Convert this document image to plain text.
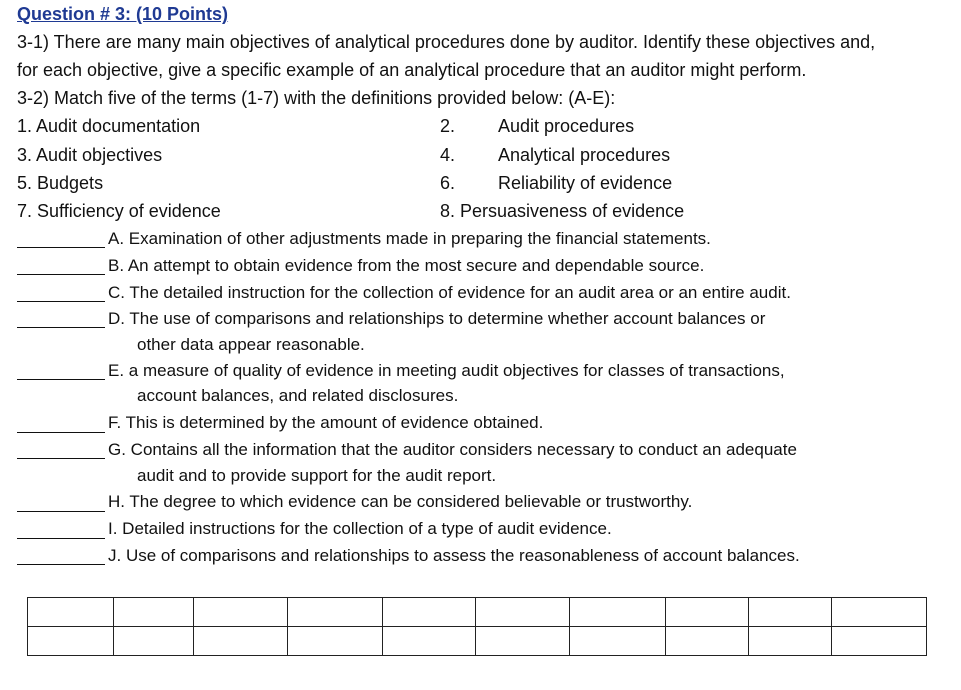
Question # 3: (10 Points)
3-1) There are many main objectives of analytical procedures done by auditor. Identify these objectives and,
for each objective, give a specific example of an analytical procedure that an auditor might perform.
3-2) Match five of the terms (1-7) with the definitions provided below: (A-E):
1. Audit documentation	2. Audit procedures
3. Audit objectives	4. Analytical procedures
5. Budgets	6. Reliability of evidence
7. Sufficiency of evidence	8. Persuasiveness of evidence
A. Examination of other adjustments made in preparing the financial statements.
B. An attempt to obtain evidence from the most secure and dependable source.
C. The detailed instruction for the collection of evidence for an audit area or an entire audit.
D. The use of comparisons and relationships to determine whether account balances or
other data appear reasonable.
E. a measure of quality of evidence in meeting audit objectives for classes of transactions,
account balances, and related disclosures.
F. This is determined by the amount of evidence obtained.
G. Contains all the information that the auditor considers necessary to conduct an adequate
audit and to provide support for the audit report.
H. The degree to which evidence can be considered believable or trustworthy.
I. Detailed instructions for the collection of a type of audit evidence.
J. Use of comparisons and relationships to assess the reasonableness of account balances.
